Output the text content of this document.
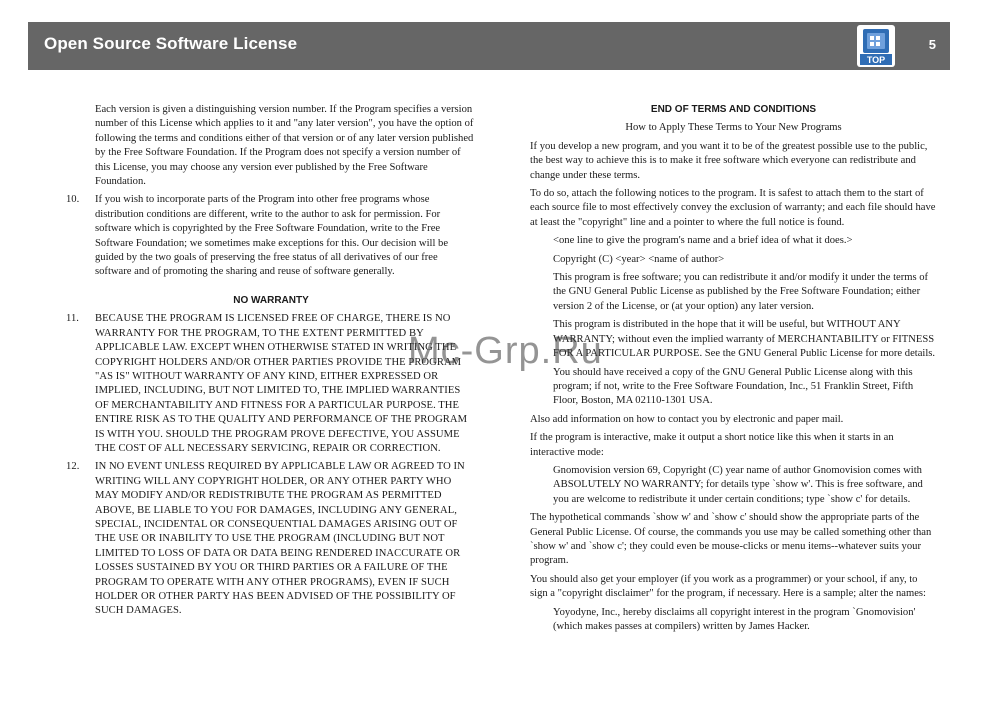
Open Source Software License
TOP
5

Each version is given a distinguishing version number. If the Program specifies a version number of this License which applies to it and "any later version", you have the option of following the terms and conditions either of that version or of any later version published by the Free Software Foundation. If the Program does not specify a version number of this License, you may choose any version ever published by the Free Software Foundation.

10.	If you wish to incorporate parts of the Program into other free programs whose distribution conditions are different, write to the author to ask for permission. For software which is copyrighted by the Free Software Foundation, write to the Free Software Foundation; we sometimes make exceptions for this. Our decision will be guided by the two goals of preserving the free status of all derivatives of our free software and of promoting the sharing and reuse of software generally.
NO WARRANTY
11.	BECAUSE THE PROGRAM IS LICENSED FREE OF CHARGE, THERE IS NO WARRANTY FOR THE PROGRAM, TO THE EXTENT PERMITTED BY APPLICABLE LAW. EXCEPT WHEN OTHERWISE STATED IN WRITING THE COPYRIGHT HOLDERS AND/OR OTHER PARTIES PROVIDE THE PROGRAM "AS IS" WITHOUT WARRANTY OF ANY KIND, EITHER EXPRESSED OR IMPLIED, INCLUDING, BUT NOT LIMITED TO, THE IMPLIED WARRANTIES OF MERCHANTABILITY AND FITNESS FOR A PARTICULAR PURPOSE. THE ENTIRE RISK AS TO THE QUALITY AND PERFORMANCE OF THE PROGRAM IS WITH YOU. SHOULD THE PROGRAM PROVE DEFECTIVE, YOU ASSUME THE COST OF ALL NECESSARY SERVICING, REPAIR OR CORRECTION.
12.	IN NO EVENT UNLESS REQUIRED BY APPLICABLE LAW OR AGREED TO IN WRITING WILL ANY COPYRIGHT HOLDER, OR ANY OTHER PARTY WHO MAY MODIFY AND/OR REDISTRIBUTE THE PROGRAM AS PERMITTED ABOVE, BE LIABLE TO YOU FOR DAMAGES, INCLUDING ANY GENERAL, SPECIAL, INCIDENTAL OR CONSEQUENTIAL DAMAGES ARISING OUT OF THE USE OR INABILITY TO USE THE PROGRAM (INCLUDING BUT NOT LIMITED TO LOSS OF DATA OR DATA BEING RENDERED INACCURATE OR LOSSES SUSTAINED BY YOU OR THIRD PARTIES OR A FAILURE OF THE PROGRAM TO OPERATE WITH ANY OTHER PROGRAMS), EVEN IF SUCH HOLDER OR OTHER PARTY HAS BEEN ADVISED OF THE POSSIBILITY OF SUCH DAMAGES.
END OF TERMS AND CONDITIONS

How to Apply These Terms to Your New Programs

If you develop a new program, and you want it to be of the greatest possible use to the public, the best way to achieve this is to make it free software which everyone can redistribute and change under these terms.

To do so, attach the following notices to the program. It is safest to attach them to the start of each source file to most effectively convey the exclusion of warranty; and each file should have at least the "copyright" line and a pointer to where the full notice is found.

<one line to give the program's name and a brief idea of what it does.>

Copyright (C) <year> <name of author>

This program is free software; you can redistribute it and/or modify it under the terms of the GNU General Public License as published by the Free Software Foundation; either version 2 of the License, or (at your option) any later version.

This program is distributed in the hope that it will be useful, but WITHOUT ANY WARRANTY; without even the implied warranty of MERCHANTABILITY or FITNESS FOR A PARTICULAR PURPOSE. See the GNU General Public License for more details.

You should have received a copy of the GNU General Public License along with this program; if not, write to the Free Software Foundation, Inc., 51 Franklin Street, Fifth Floor, Boston, MA 02110-1301 USA.

Also add information on how to contact you by electronic and paper mail.

If the program is interactive, make it output a short notice like this when it starts in an interactive mode:

Gnomovision version 69, Copyright (C) year name of author Gnomovision comes with ABSOLUTELY NO WARRANTY; for details type `show w'. This is free software, and you are welcome to redistribute it under certain conditions; type `show c' for details.

The hypothetical commands `show w' and `show c' should show the appropriate parts of the General Public License. Of course, the commands you use may be called something other than `show w' and `show c'; they could even be mouse-clicks or menu items--whatever suits your program.

You should also get your employer (if you work as a programmer) or your school, if any, to sign a "copyright disclaimer" for the program, if necessary. Here is a sample; alter the names:

Yoyodyne, Inc., hereby disclaims all copyright interest in the program `Gnomovision' (which makes passes at compilers) written by James Hacker.

Mc-Grp.Ru
